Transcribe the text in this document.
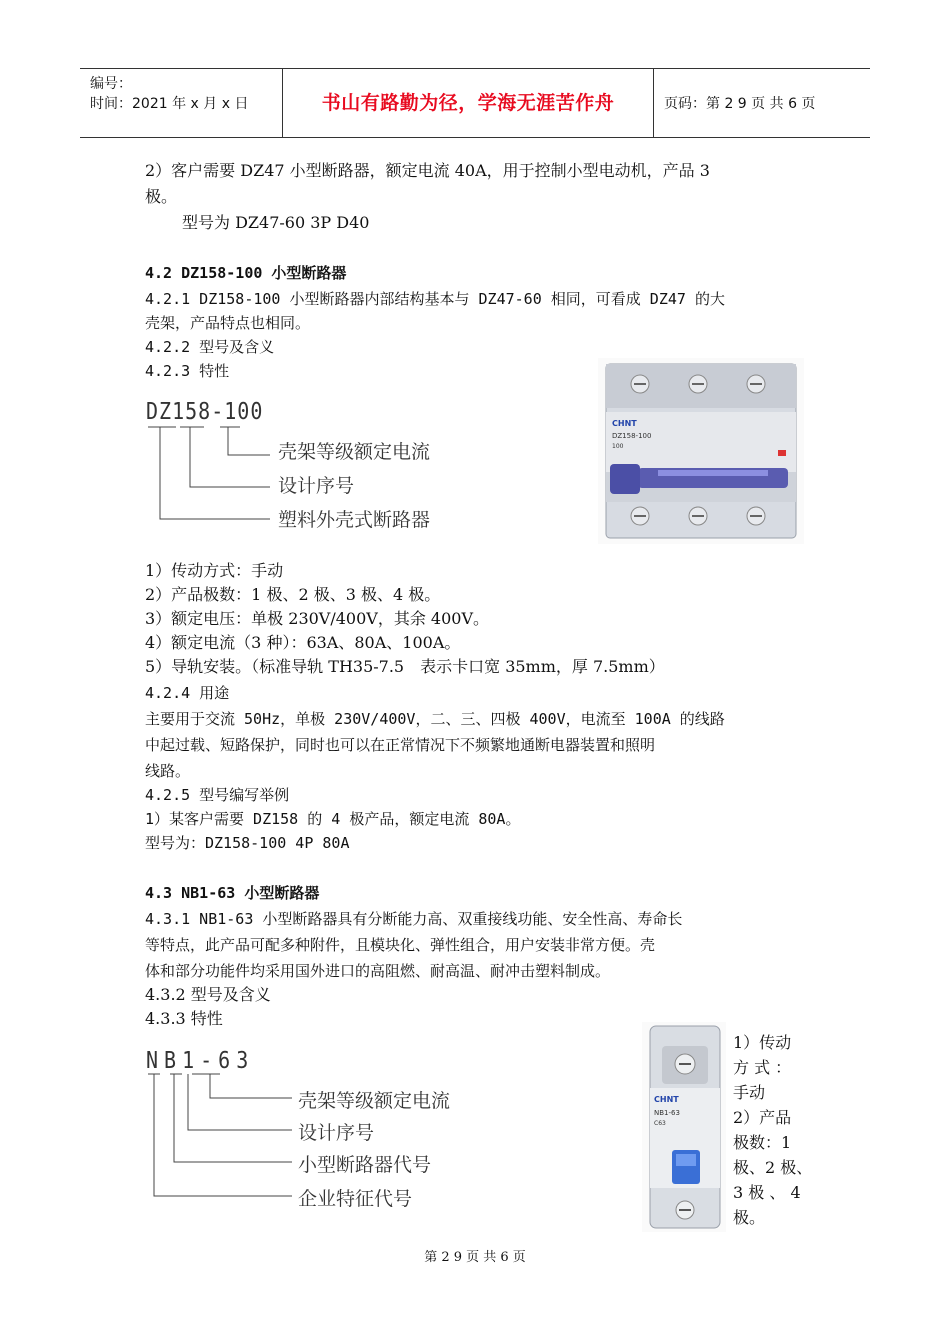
编号：
时间：2021 年 x 月 x 日	书山有路勤为径，学海无涯苦作舟	页码：第 2 9 页 共 6 页
2）客户需要 DZ47 小型断路器，额定电流 40A，用于控制小型电动机，产品 3
极。
型号为 DZ47-60 3P D40
4.2 DZ158-100 小型断路器
4.2.1 DZ158-100 小型断路器内部结构基本与 DZ47-60 相同，可看成 DZ47 的大
壳架，产品特点也相同。
4.2.2 型号及含义
4.2.3 特性
DZ158-100
壳架等级额定电流
设计序号
塑料外壳式断路器
CHNT
DZ158-100
100
1）传动方式：手动
2）产品极数：1 极、2 极、3 极、4 极。
3）额定电压：单极 230V/400V，其余 400V。
4）额定电流（3 种）：63A、80A、100A。
5）导轨安装。（标准导轨 TH35-7.5　表示卡口宽 35mm，厚 7.5mm）
4.2.4 用途
主要用于交流 50Hz，单极 230V/400V，二、三、四极 400V，电流至 100A 的线路
中起过载、短路保护，同时也可以在正常情况下不频繁地通断电器装置和照明
线路。
4.2.5 型号编写举例
1）某客户需要 DZ158 的 4 极产品，额定电流 80A。
型号为：DZ158-100 4P 80A
4.3 NB1-63 小型断路器
4.3.1 NB1-63 小型断路器具有分断能力高、双重接线功能、安全性高、寿命长
等特点，此产品可配多种附件，且模块化、弹性组合，用户安装非常方便。壳
体和部分功能件均采用国外进口的高阻燃、耐高温、耐冲击塑料制成。
4.3.2 型号及含义
4.3.3 特性
NB1-63
壳架等级额定电流
设计序号
小型断路器代号
企业特征代号
CHNT
NB1-63
C63
1）传动
方 式 ：
手动
2）产品
极数：1
极、2 极、
3 极 、 4
极。
第 2 9 页 共 6 页
